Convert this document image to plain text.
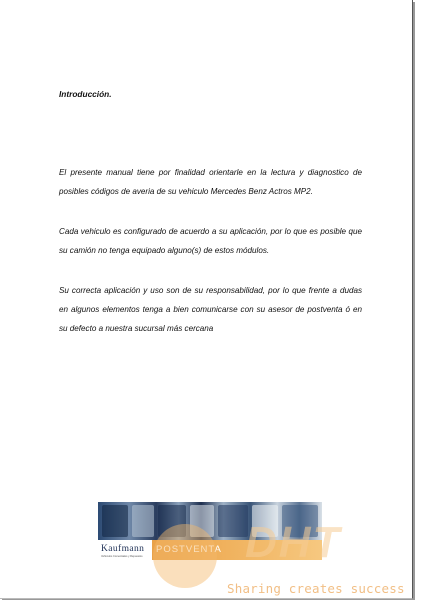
Introducción.
El presente manual tiene por finalidad orientarle en la lectura y diagnostico de posibles códigos de averia de su vehiculo Mercedes Benz Actros MP2.
Cada vehiculo es configurado de acuerdo a su aplicación, por lo que es posible que su camión no tenga equipado alguno(s) de estos módulos.
Su correcta aplicación y uso son de su responsabilidad, por lo que frente a dudas en algunos elementos tenga a bien comunicarse con su asesor de postventa ó en su defecto a nuestra sucursal más cercana
Kaufmann
Vehículos Comerciales y Repuestos
POSTVENTA DHT
Sharing creates success
